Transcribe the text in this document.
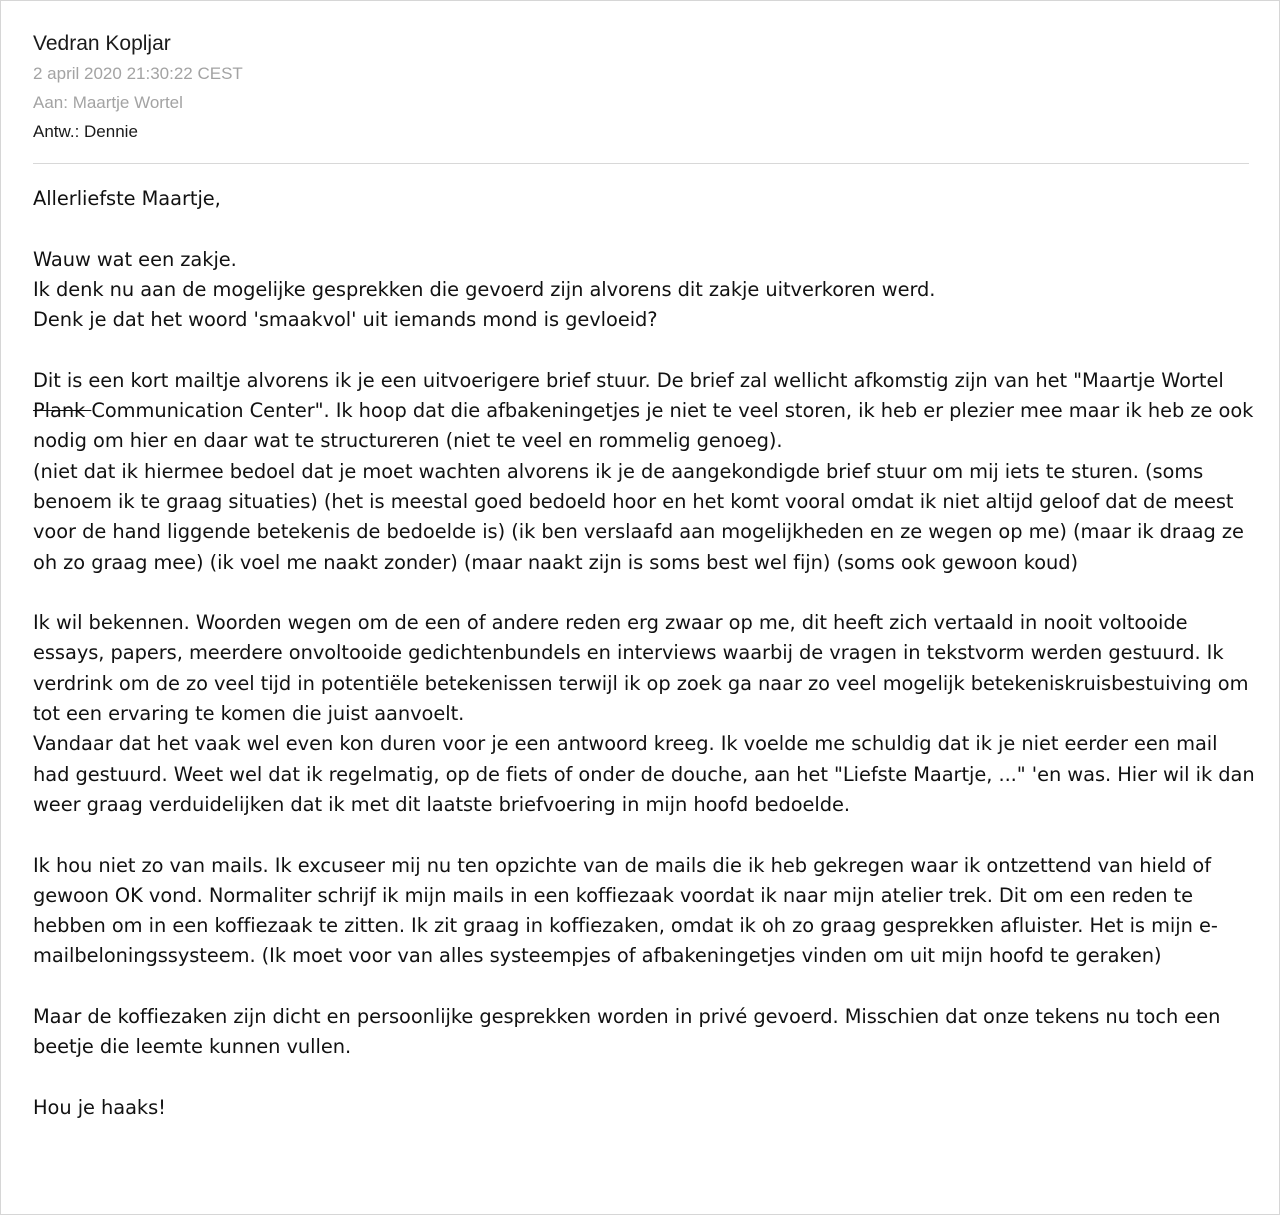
Vedran Kopljar

2 april 2020 21:30:22 CEST

Aan: Maartje Wortel

Antw.: Dennie

Allerliefste Maartje,

Wauw wat een zakje.

Ik denk nu aan de mogelijke gesprekken die gevoerd zijn alvorens dit zakje uitverkoren werd.

Denk je dat het woord 'smaakvol' uit iemands mond is gevloeid?

Dit is een kort mailtje alvorens ik je een uitvoerigere brief stuur. De brief zal wellicht afkomstig zijn van het "Maartje Wortel Plank Communication Center". Ik hoop dat die afbakeningetjes je niet te veel storen, ik heb er plezier mee maar ik heb ze ook nodig om hier en daar wat te structureren (niet te veel en rommelig genoeg).

(niet dat ik hiermee bedoel dat je moet wachten alvorens ik je de aangekondigde brief stuur om mij iets te sturen. (soms benoem ik te graag situaties) (het is meestal goed bedoeld hoor en het komt vooral omdat ik niet altijd geloof dat de meest voor de hand liggende betekenis de bedoelde is) (ik ben verslaafd aan mogelijkheden en ze wegen op me) (maar ik draag ze oh zo graag mee) (ik voel me naakt zonder) (maar naakt zijn is soms best wel fijn) (soms ook gewoon koud)

Ik wil bekennen. Woorden wegen om de een of andere reden erg zwaar op me, dit heeft zich vertaald in nooit voltooide essays, papers, meerdere onvoltooide gedichtenbundels en interviews waarbij de vragen in tekstvorm werden gestuurd. Ik verdrink om de zo veel tijd in potentiële betekenissen terwijl ik op zoek ga naar zo veel mogelijk betekeniskruisbestuiving om tot een ervaring te komen die juist aanvoelt.

Vandaar dat het vaak wel even kon duren voor je een antwoord kreeg. Ik voelde me schuldig dat ik je niet eerder een mail had gestuurd. Weet wel dat ik regelmatig, op de fiets of onder de douche, aan het "Liefste Maartje, ..." 'en was. Hier wil ik dan weer graag verduidelijken dat ik met dit laatste briefvoering in mijn hoofd bedoelde.

Ik hou niet zo van mails. Ik excuseer mij nu ten opzichte van de mails die ik heb gekregen waar ik ontzettend van hield of gewoon OK vond. Normaliter schrijf ik mijn mails in een koffiezaak voordat ik naar mijn atelier trek. Dit om een reden te hebben om in een koffiezaak te zitten. Ik zit graag in koffiezaken, omdat ik oh zo graag gesprekken afluister. Het is mijn e-mailbeloningssysteem. (Ik moet voor van alles systeempjes of afbakeningetjes vinden om uit mijn hoofd te geraken)

Maar de koffiezaken zijn dicht en persoonlijke gesprekken worden in privé gevoerd. Misschien dat onze tekens nu toch een beetje die leemte kunnen vullen.

Hou je haaks!
